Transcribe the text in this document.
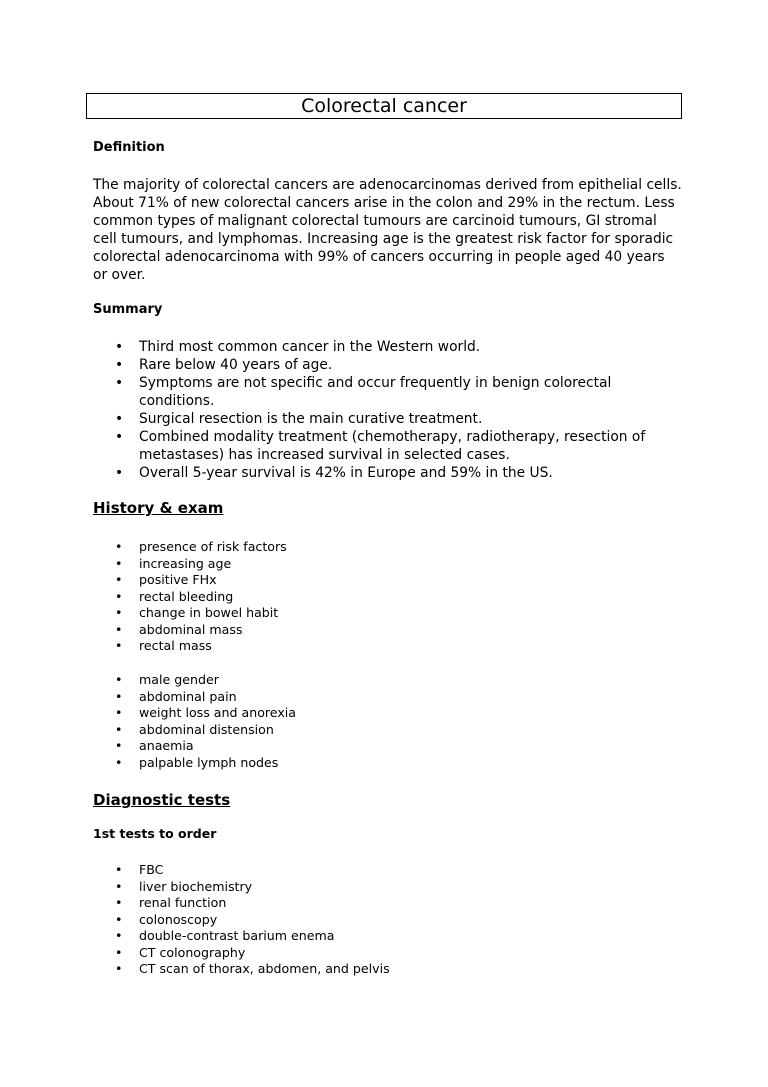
Colorectal cancer
Definition
The majority of colorectal cancers are adenocarcinomas derived from epithelial cells. About 71% of new colorectal cancers arise in the colon and 29% in the rectum. Less common types of malignant colorectal tumours are carcinoid tumours, GI stromal cell tumours, and lymphomas. Increasing age is the greatest risk factor for sporadic colorectal adenocarcinoma with 99% of cancers occurring in people aged 40 years or over.
Summary
• Third most common cancer in the Western world.
• Rare below 40 years of age.
• Symptoms are not specific and occur frequently in benign colorectal conditions.
• Surgical resection is the main curative treatment.
• Combined modality treatment (chemotherapy, radiotherapy, resection of metastases) has increased survival in selected cases.
• Overall 5-year survival is 42% in Europe and 59% in the US.
History & exam
• presence of risk factors
• increasing age
• positive FHx
• rectal bleeding
• change in bowel habit
• abdominal mass
• rectal mass
• male gender
• abdominal pain
• weight loss and anorexia
• abdominal distension
• anaemia
• palpable lymph nodes
Diagnostic tests
1st tests to order
• FBC
• liver biochemistry
• renal function
• colonoscopy
• double-contrast barium enema
• CT colonography
• CT scan of thorax, abdomen, and pelvis
